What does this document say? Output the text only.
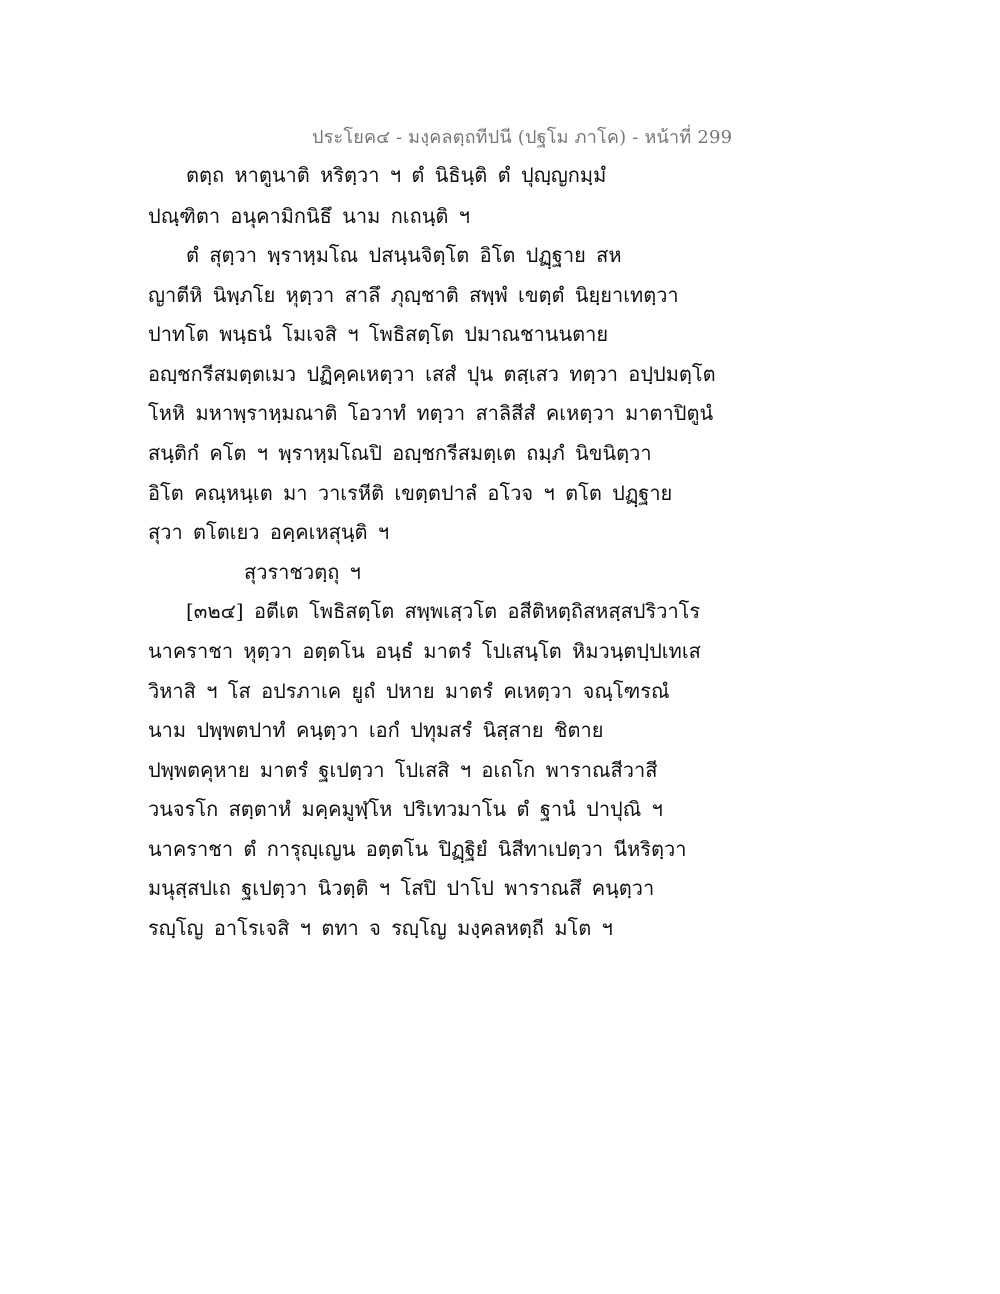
ประโยค๔ - มงฺคลตฺถทีปนี (ปฐโม ภาโค) - หน้าที่ 299
ตตฺถ หาตูนาติ หริตฺวา ฯ ตํ นิธินฺติ ตํ ปุญฺญกมฺมํ
ปณฺฑิตา อนุคามิกนิธึ นาม กเถนฺติ ฯ
ตํ สุตฺวา พฺราหฺมโณ ปสนฺนจิตฺโต อิโต ปฏฺฐาย สห
ญาตีหิ นิพฺภโย หุตฺวา สาลึ ภุญฺชาติ สพฺพํ เขตฺตํ นิยฺยาเทตฺวา
ปาทโต พนฺธนํ โมเจสิ ฯ โพธิสตฺโต ปมาณชานนตาย
อญฺชกรีสมตฺตเมว ปฏิคฺคเหตฺวา เสสํ ปุน ตสฺเสว ทตฺวา อปฺปมตฺโต
โหหิ มหาพฺราหฺมณาติ โอวาทํ ทตฺวา สาลิสีสํ คเหตฺวา มาตาปิตูนํ
สนฺติกํ คโต ฯ พฺราหฺมโณปิ อญฺชกรีสมตฺเต ถมฺภํ นิขนิตฺวา
อิโต คณฺหนฺเต มา วาเรหีติ เขตฺตปาลํ อโวจ ฯ ตโต ปฏฺฐาย
สุวา ตโตเยว อคฺคเหสุนฺติ ฯ
สุวราชวตฺถุ ฯ
[๓๒๔] อตีเต โพธิสตฺโต สพฺพเสฺวโต อสีติหตฺถิสหสฺสปริวาโร
นาคราชา หุตฺวา อตฺตโน อนฺธํ มาตรํ โปเสนฺโต หิมวนฺตปฺปเทเส
วิหาสิ ฯ โส อปรภาเค ยูถํ ปหาย มาตรํ คเหตฺวา จณฺโฑรณํ
นาม ปพฺพตปาทํ คนฺตฺวา เอกํ ปทุมสรํ นิสฺสาย ชิตาย
ปพฺพตคุหาย มาตรํ ฐเปตฺวา โปเสสิ ฯ อเถโก พาราณสีวาสี
วนจรโก สตฺตาหํ มคฺคมูฬฺโห ปริเทวมาโน ตํ ฐานํ ปาปุณิ ฯ
นาคราชา ตํ การุญฺเญน อตฺตโน ปิฏฺฐิยํ นิสีทาเปตฺวา นีหริตฺวา
มนุสฺสปเถ ฐเปตฺวา นิวตฺติ ฯ โสปิ ปาโป พาราณสึ คนฺตฺวา
รญฺโญ อาโรเจสิ ฯ ตทา จ รญฺโญ มงฺคลหตฺถี มโต ฯ
